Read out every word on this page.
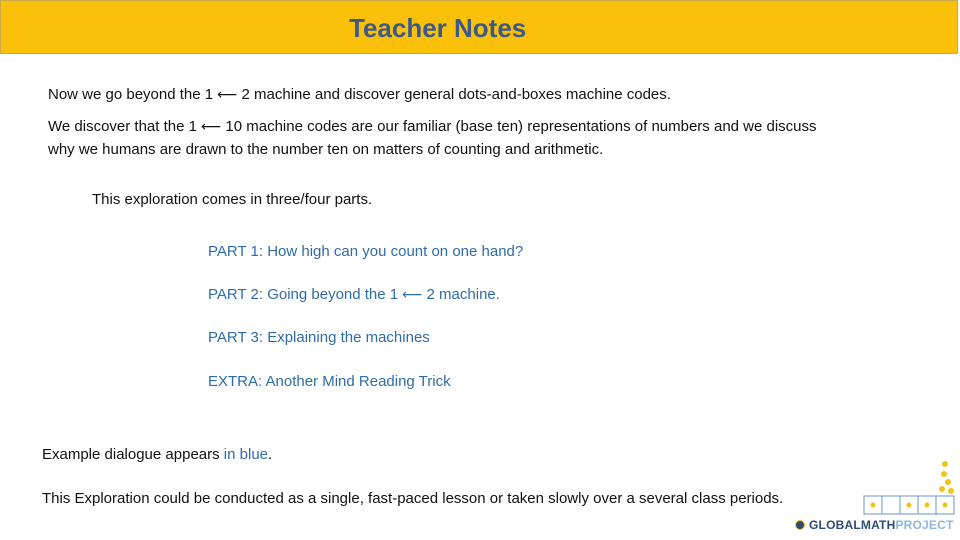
Teacher Notes
Now we go beyond the 1 ⟵ 2 machine and discover general dots-and-boxes machine codes.
We discover that the 1 ⟵ 10 machine codes are our familiar (base ten) representations of numbers and we discuss
why we humans are drawn to the number ten on matters of counting and arithmetic.
This exploration comes in three/four parts.
PART 1: How high can you count on one hand?
PART 2: Going beyond the 1 ⟵ 2 machine.
PART 3: Explaining the machines
EXTRA: Another Mind Reading Trick
Example dialogue appears in blue.
This Exploration could be conducted as a single, fast-paced lesson or taken slowly over a several class periods.
GLOBALMATHPROJECT
